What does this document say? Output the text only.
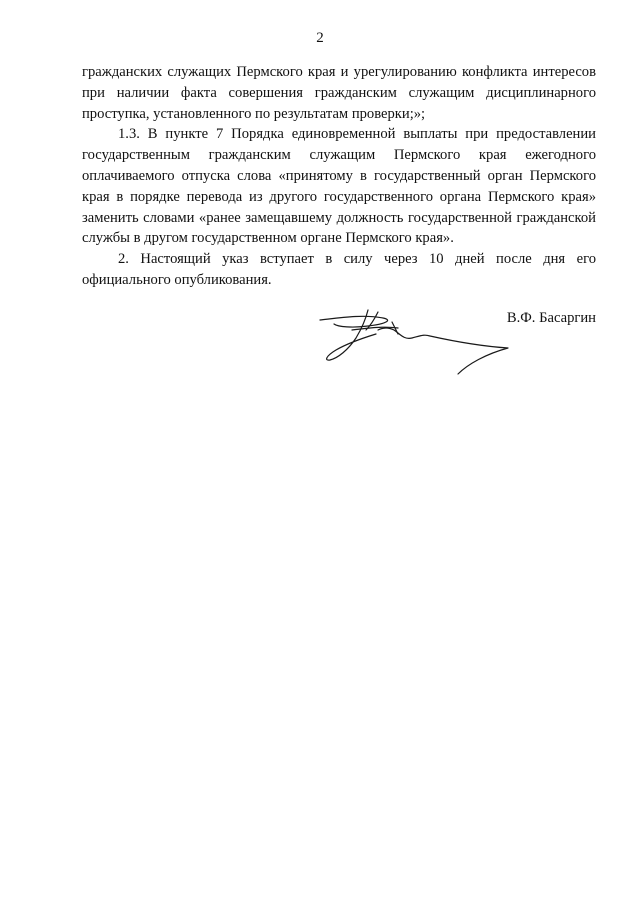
2

гражданских служащих Пермского края и урегулированию конфликта интересов при наличии факта совершения гражданским служащим дисциплинарного проступка, установленного по результатам проверки;»;

1.3. В пункте 7 Порядка единовременной выплаты при предоставлении государственным гражданским служащим Пермского края ежегодного оплачиваемого отпуска слова «принятому в государственный орган Пермского края в порядке перевода из другого государственного органа Пермского края» заменить словами «ранее замещавшему должность государственной гражданской службы в другом государственном органе Пермского края».

2. Настоящий указ вступает в силу через 10 дней после дня его официального опубликования.

В.Ф. Басаргин
